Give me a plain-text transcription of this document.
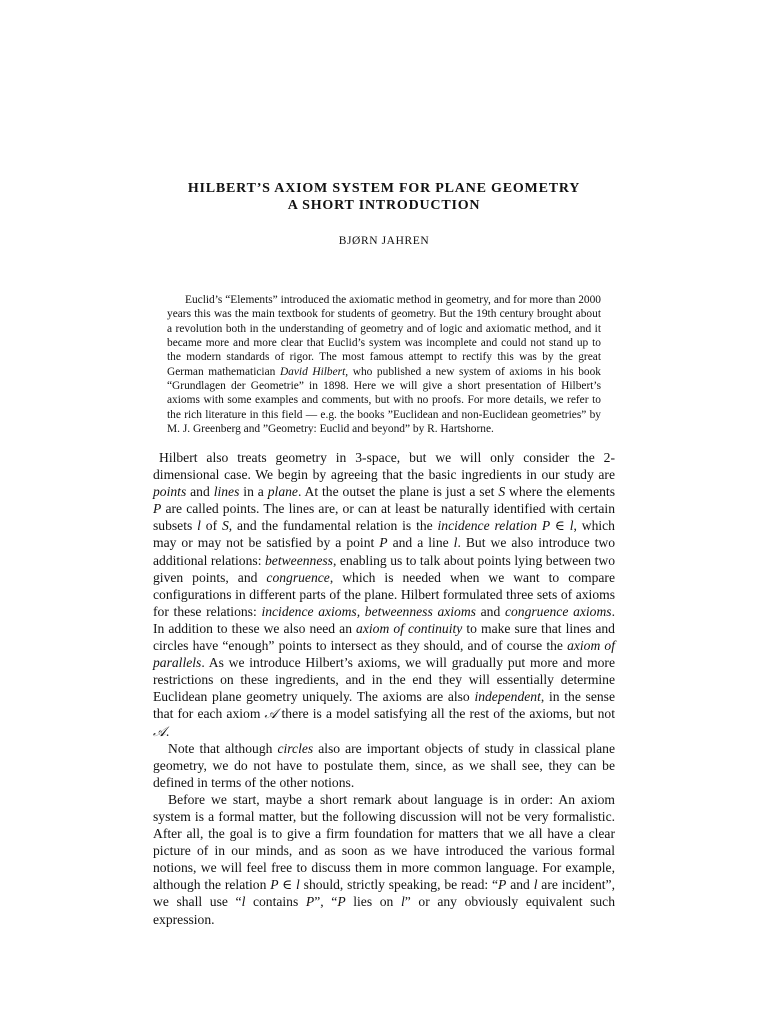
HILBERT’S AXIOM SYSTEM FOR PLANE GEOMETRY
A SHORT INTRODUCTION
BJØRN JAHREN

Euclid’s “Elements” introduced the axiomatic method in geometry, and for more than 2000 years this was the main textbook for students of geometry. But the 19th century brought about a revolution both in the understanding of geometry and of logic and axiomatic method, and it became more and more clear that Euclid’s system was incomplete and could not stand up to the modern standards of rigor. The most famous attempt to rectify this was by the great German mathematician David Hilbert, who published a new system of axioms in his book “Grundlagen der Geometrie” in 1898. Here we will give a short presentation of Hilbert’s axioms with some examples and comments, but with no proofs. For more details, we refer to the rich literature in this field — e.g. the books ”Euclidean and non-Euclidean geometries” by M. J. Greenberg and ”Geometry: Euclid and beyond” by R. Hartshorne.

Hilbert also treats geometry in 3-space, but we will only consider the 2-dimensional case. We begin by agreeing that the basic ingredients in our study are points and lines in a plane. At the outset the plane is just a set S where the elements P are called points. The lines are, or can at least be naturally identified with certain subsets l of S, and the fundamental relation is the incidence relation P ∈ l, which may or may not be satisfied by a point P and a line l. But we also introduce two additional relations: betweenness, enabling us to talk about points lying between two given points, and congruence, which is needed when we want to compare configurations in different parts of the plane. Hilbert formulated three sets of axioms for these relations: incidence axioms, betweenness axioms and congruence axioms. In addition to these we also need an axiom of continuity to make sure that lines and circles have “enough” points to intersect as they should, and of course the axiom of parallels. As we introduce Hilbert’s axioms, we will gradually put more and more restrictions on these ingredients, and in the end they will essentially determine Euclidean plane geometry uniquely. The axioms are also independent, in the sense that for each axiom 𝒜 there is a model satisfying all the rest of the axioms, but not 𝒜.

Note that although circles also are important objects of study in classical plane geometry, we do not have to postulate them, since, as we shall see, they can be defined in terms of the other notions.

Before we start, maybe a short remark about language is in order: An axiom system is a formal matter, but the following discussion will not be very formalistic. After all, the goal is to give a firm foundation for matters that we all have a clear picture of in our minds, and as soon as we have introduced the various formal notions, we will feel free to discuss them in more common language. For example, although the relation P ∈ l should, strictly speaking, be read: “P and l are incident”, we shall use “l contains P”, “P lies on l” or any obviously equivalent such expression.
